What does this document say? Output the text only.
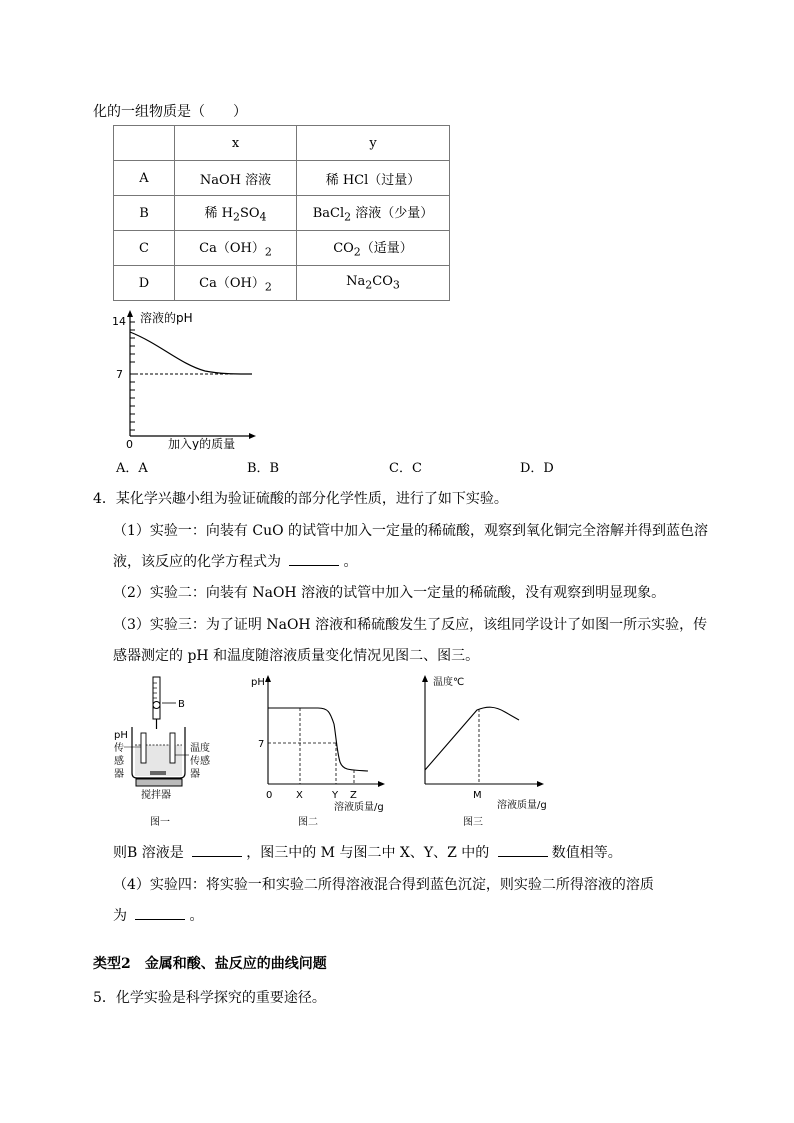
化的一组物质是（　　）
	x	y
A	NaOH 溶液	稀 HCl（过量）
B	稀 $H_2SO_4$	BaCl$_2$ 溶液（少量）
C	$Ca(OH)_2$	$CO_2$（适量）
D	$Ca(OH)_2$	$Na_2CO_3$
14
7
0
溶液的pH
加入y的质量
A．A	B．B	C．C	D．D
4．某化学兴趣小组为验证硫酸的部分化学性质，进行了如下实验。
（1）实验一：向装有 CuO 的试管中加入一定量的稀硫酸，观察到氧化铜完全溶解并得到蓝色溶
液，该反应的化学方程式为	。
（2）实验二：向装有 NaOH 溶液的试管中加入一定量的稀硫酸，没有观察到明显现象。
（3）实验三：为了证明 NaOH 溶液和稀硫酸发生了反应，该组同学设计了如图一所示实验，传
感器测定的 pH 和温度随溶液质量变化情况见图二、图三。
B
pH
传
感
器
温度
传感
器
搅拌器
图一
pH
7
0 X	Y Z
溶液质量/g
图二
温度℃
M
溶液质量/g
图三
则B 溶液是	，图三中的 M 与图二中 X、Y、Z 中的	数值相等。
（4）实验四：将实验一和实验二所得溶液混合得到蓝色沉淀，则实验二所得溶液的溶质
为	。
类型2　金属和酸、盐反应的曲线问题
5．化学实验是科学探究的重要途径。
